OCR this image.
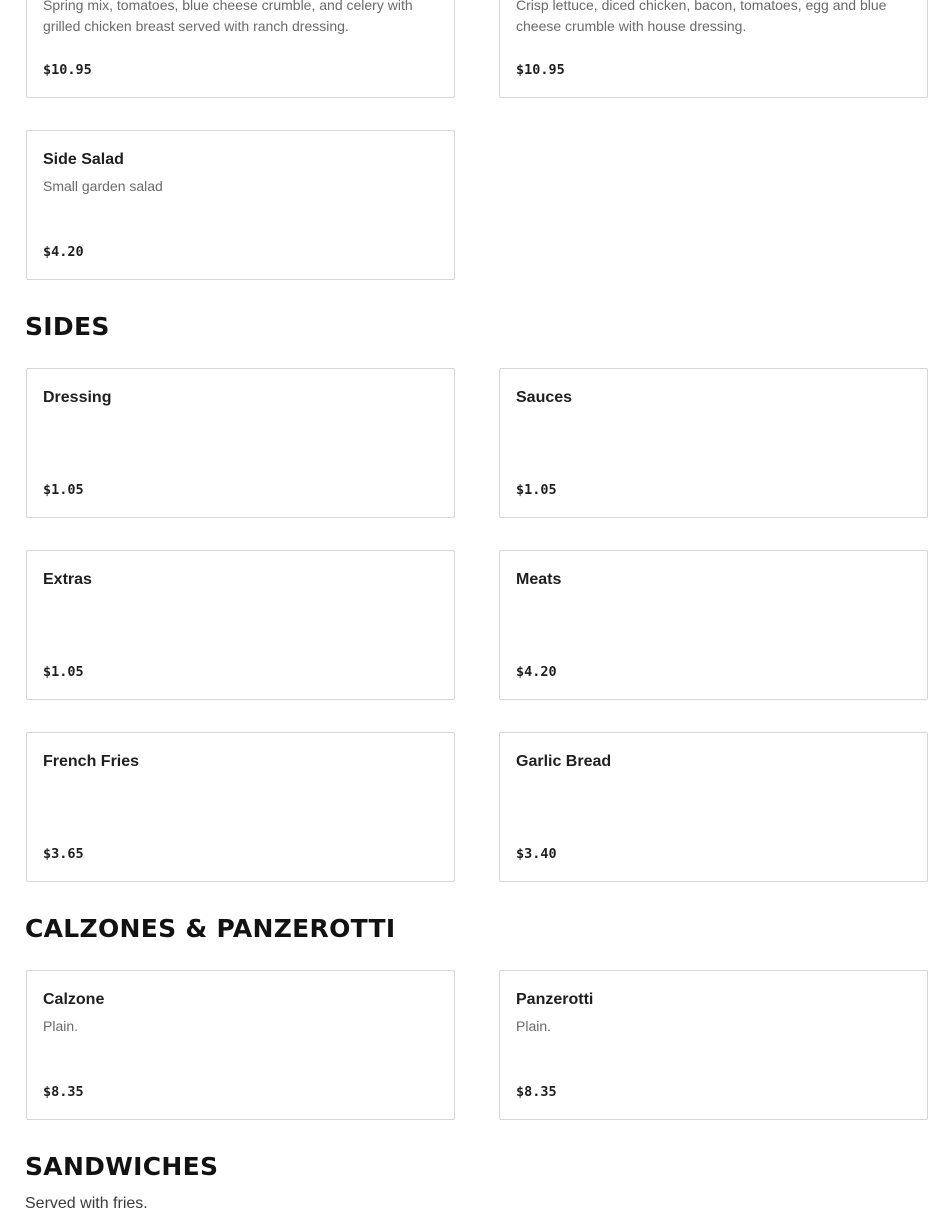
Spring mix, tomatoes, blue cheese crumble, and celery with grilled chicken breast served with ranch dressing.
$10.95
Crisp lettuce, diced chicken, bacon, tomatoes, egg and blue cheese crumble with house dressing.
$10.95
Side Salad
Small garden salad
$4.20
SIDES
Dressing
$1.05
Sauces
$1.05
Extras
$1.05
Meats
$4.20
French Fries
$3.65
Garlic Bread
$3.40
CALZONES & PANZEROTTI
Calzone
Plain.
$8.35
Panzerotti
Plain.
$8.35
SANDWICHES

Served with fries.
